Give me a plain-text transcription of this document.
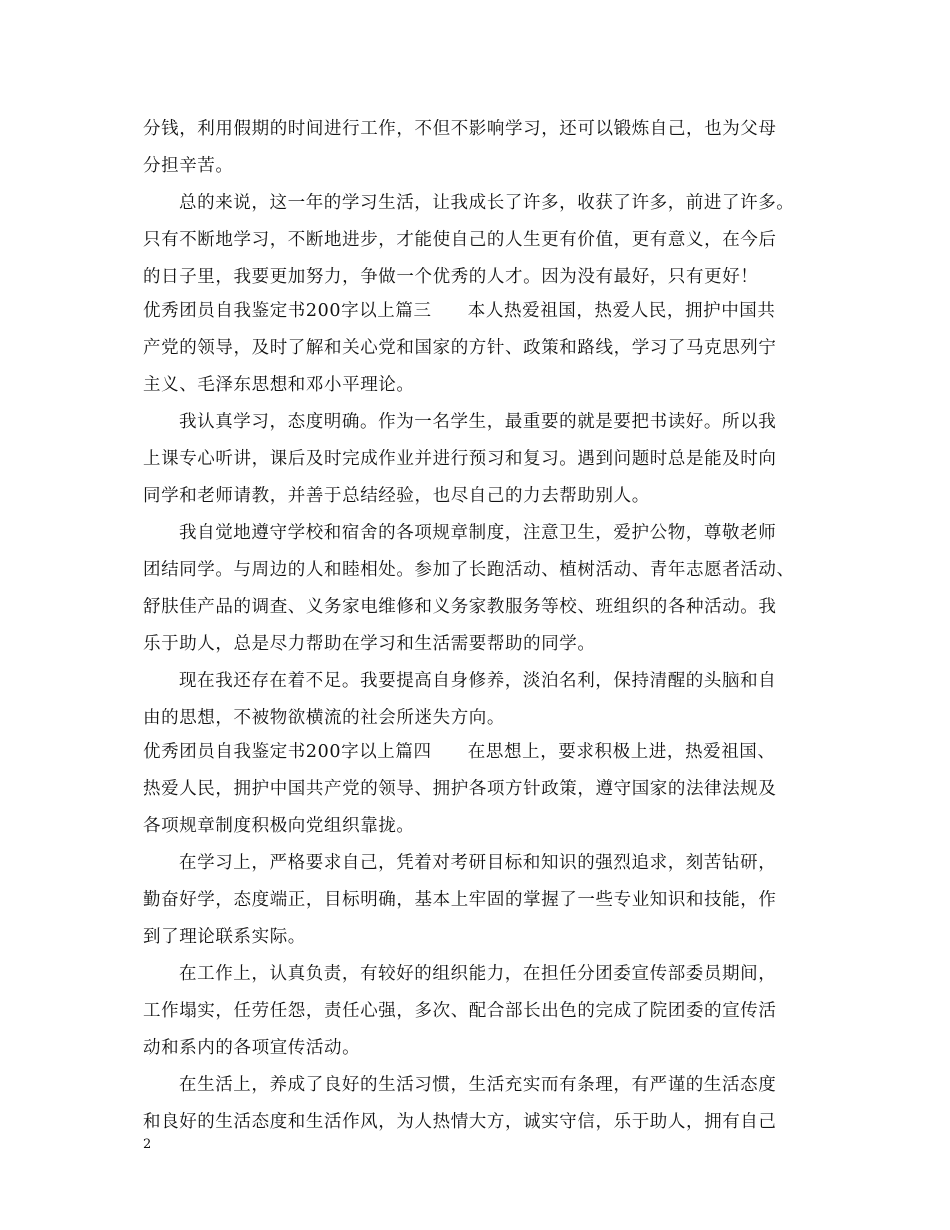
分钱，利用假期的时间进行工作，不但不影响学习，还可以锻炼自己，也为父母
分担辛苦。
总的来说，这一年的学习生活，让我成长了许多，收获了许多，前进了许多。
只有不断地学习，不断地进步，才能使自己的人生更有价值，更有意义，在今后
的日子里，我要更加努力，争做一个优秀的人才。因为没有最好，只有更好！
优秀团员自我鉴定书200字以上篇三　　本人热爱祖国，热爱人民，拥护中国共
产党的领导，及时了解和关心党和国家的方针、政策和路线，学习了马克思列宁
主义、毛泽东思想和邓小平理论。
我认真学习，态度明确。作为一名学生，最重要的就是要把书读好。所以我
上课专心听讲，课后及时完成作业并进行预习和复习。遇到问题时总是能及时向
同学和老师请教，并善于总结经验，也尽自己的力去帮助别人。
我自觉地遵守学校和宿舍的各项规章制度，注意卫生，爱护公物，尊敬老师
团结同学。与周边的人和睦相处。参加了长跑活动、植树活动、青年志愿者活动、
舒肤佳产品的调查、义务家电维修和义务家教服务等校、班组织的各种活动。我
乐于助人，总是尽力帮助在学习和生活需要帮助的同学。
现在我还存在着不足。我要提高自身修养，淡泊名利，保持清醒的头脑和自
由的思想，不被物欲横流的社会所迷失方向。
优秀团员自我鉴定书200字以上篇四　　在思想上，要求积极上进，热爱祖国、
热爱人民，拥护中国共产党的领导、拥护各项方针政策，遵守国家的法律法规及
各项规章制度积极向党组织靠拢。
在学习上，严格要求自己，凭着对考研目标和知识的强烈追求，刻苦钻研，
勤奋好学，态度端正，目标明确，基本上牢固的掌握了一些专业知识和技能，作
到了理论联系实际。
在工作上，认真负责，有较好的组织能力，在担任分团委宣传部委员期间，
工作塌实，任劳任怨，责任心强，多次、配合部长出色的完成了院团委的宣传活
动和系内的各项宣传活动。
在生活上，养成了良好的生活习惯，生活充实而有条理，有严谨的生活态度
和良好的生活态度和生活作风，为人热情大方，诚实守信，乐于助人，拥有自己
2
